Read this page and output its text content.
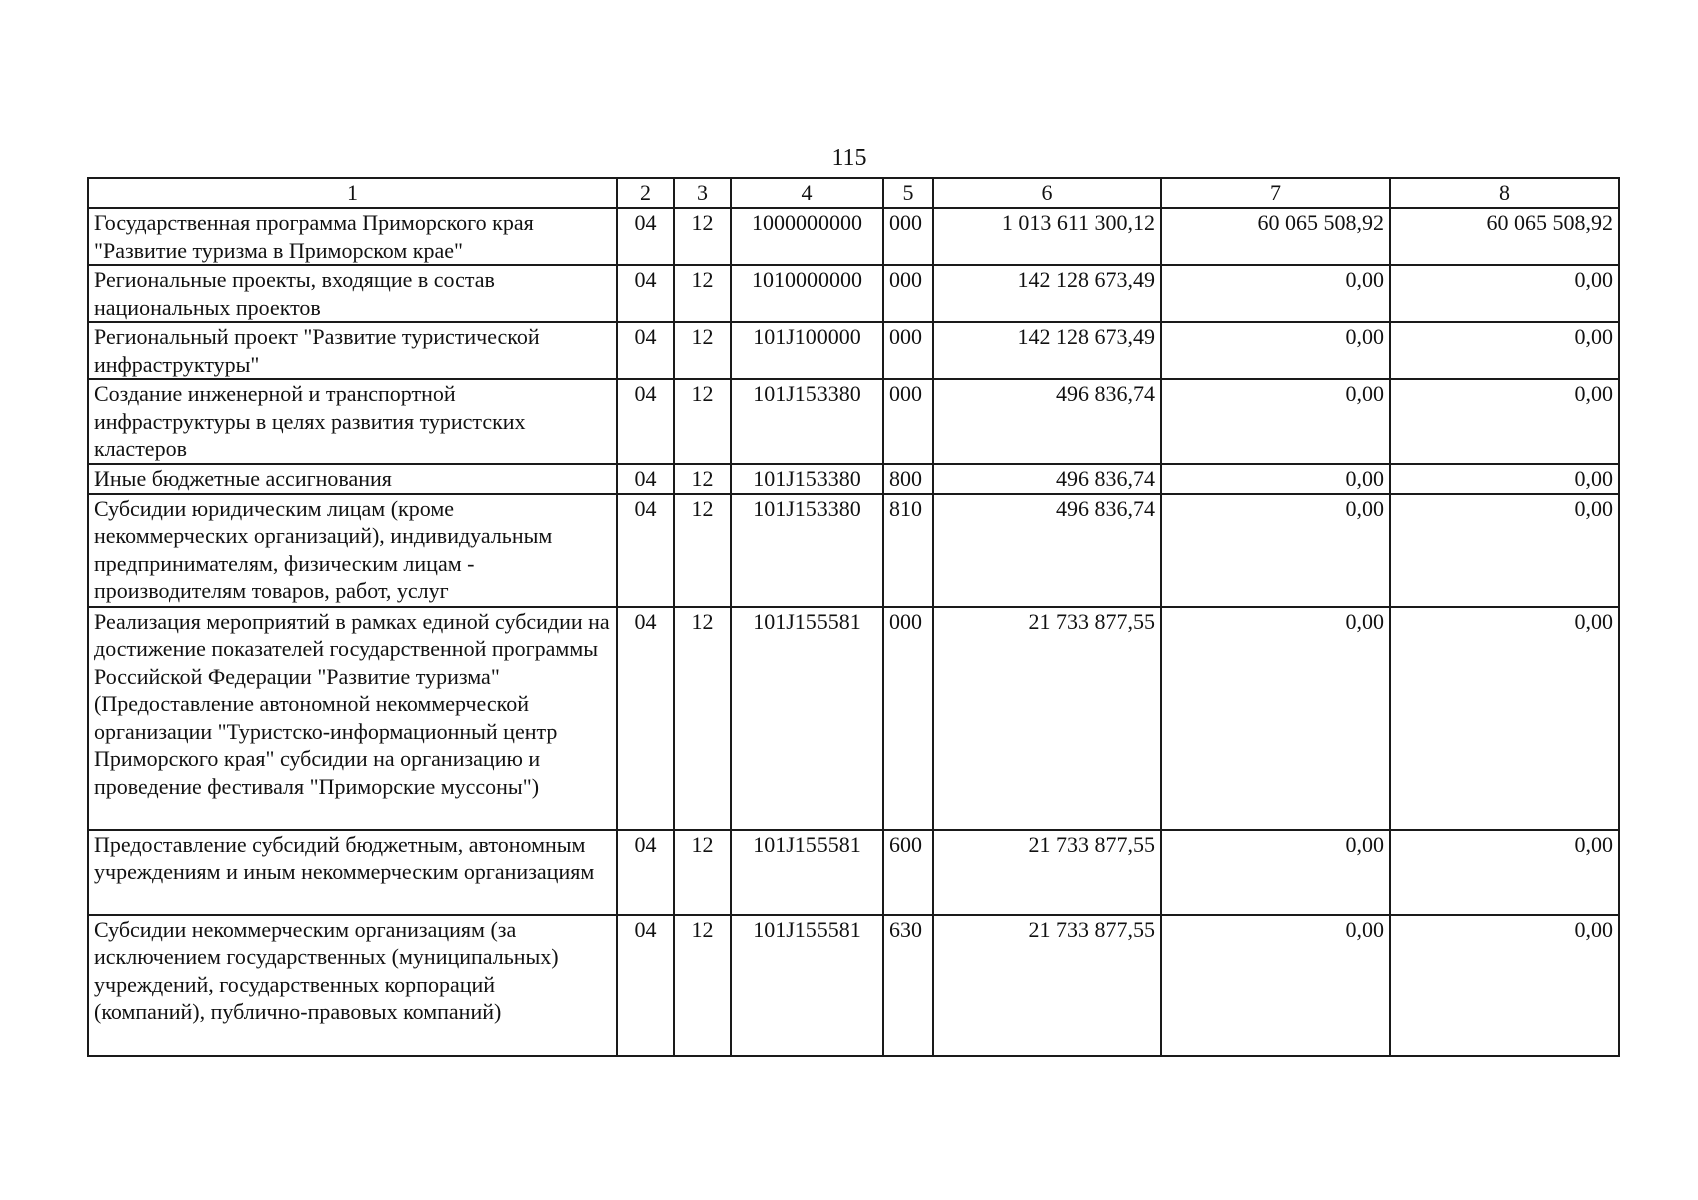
115
1	2	3	4	5	6	7	8
Государственная программа Приморского края "Развитие туризма в Приморском крае"	04	12	1000000000	000	1 013 611 300,12	60 065 508,92	60 065 508,92
Региональные проекты, входящие в состав национальных проектов	04	12	1010000000	000	142 128 673,49	0,00	0,00
Региональный проект "Развитие туристической инфраструктуры"	04	12	101J100000	000	142 128 673,49	0,00	0,00
Создание инженерной и транспортной инфраструктуры в целях развития туристских кластеров	04	12	101J153380	000	496 836,74	0,00	0,00
Иные бюджетные ассигнования	04	12	101J153380	800	496 836,74	0,00	0,00
Субсидии юридическим лицам (кроме некоммерческих организаций), индивидуальным предпринимателям, физическим лицам - производителям товаров, работ, услуг	04	12	101J153380	810	496 836,74	0,00	0,00
Реализация мероприятий в рамках единой субсидии на достижение показателей государственной программы Российской Федерации "Развитие туризма" (Предоставление автономной некоммерческой организации "Туристско-информационный центр Приморского края" субсидии на организацию и проведение фестиваля "Приморские муссоны")	04	12	101J155581	000	21 733 877,55	0,00	0,00
Предоставление субсидий бюджетным, автономным учреждениям и иным некоммерческим организациям	04	12	101J155581	600	21 733 877,55	0,00	0,00
Субсидии некоммерческим организациям (за исключением государственных (муниципальных) учреждений, государственных корпораций (компаний), публично-правовых компаний)	04	12	101J155581	630	21 733 877,55	0,00	0,00
